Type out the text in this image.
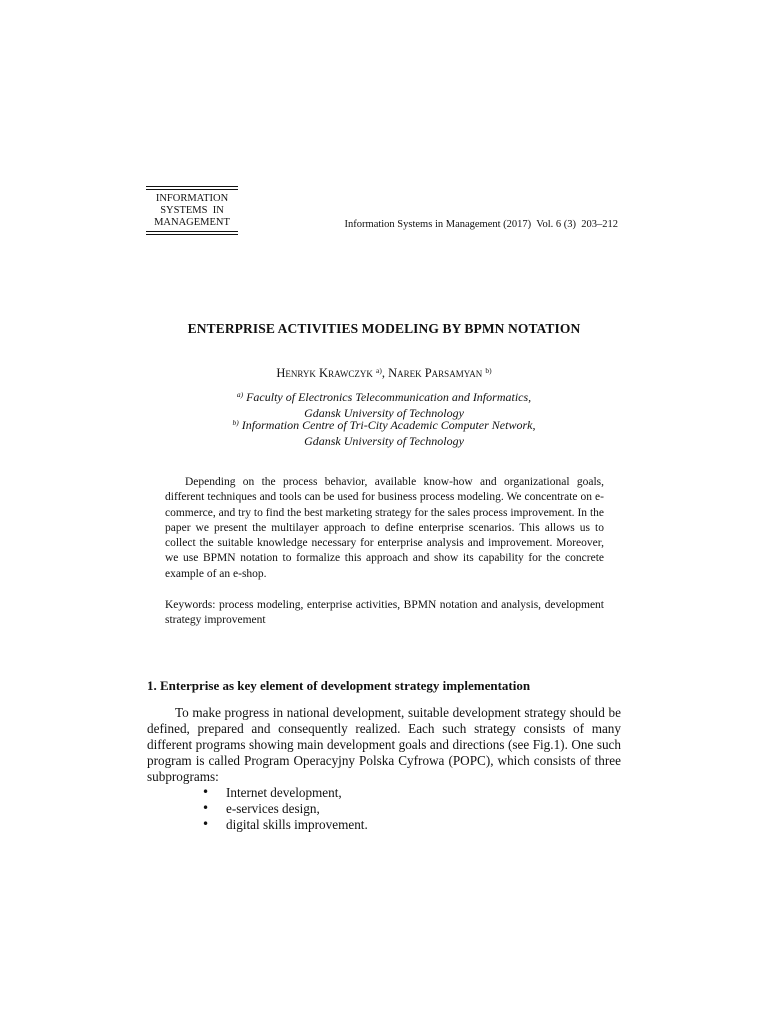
INFORMATION
SYSTEMS  IN
MANAGEMENT	Information Systems in Management (2017)  Vol. 6 (3)  203–212
ENTERPRISE ACTIVITIES MODELING BY BPMN NOTATION
Henryk Krawczyk $^{a)}$, Narek Parsamyan $^{b)}$
$^{a)}$ Faculty of Electronics Telecommunication and Informatics,
Gdansk University of Technology
$^{b)}$ Information Centre of Tri-City Academic Computer Network,
Gdansk University of Technology

Depending on the process behavior, available know-how and organizational goals, different techniques and tools can be used for business process modeling. We concentrate on e-commerce, and try to find the best marketing strategy for the sales process improvement. In the paper we present the multilayer approach to define enterprise scenarios. This allows us to collect the suitable knowledge necessary for enterprise analysis and improvement. Moreover, we use BPMN notation to formalize this approach and show its capability for the concrete example of an e-shop.

Keywords: process modeling, enterprise activities, BPMN notation and analysis, development strategy improvement
1. Enterprise as key element of development strategy implementation

To make progress in national development, suitable development strategy should be defined, prepared and consequently realized. Each such strategy consists of many different programs showing main development goals and directions (see Fig.1). One such program is called Program Operacyjny Polska Cyfrowa (POPC), which consists of three subprograms:

• Internet development,
• e-services design,
• digital skills improvement.
